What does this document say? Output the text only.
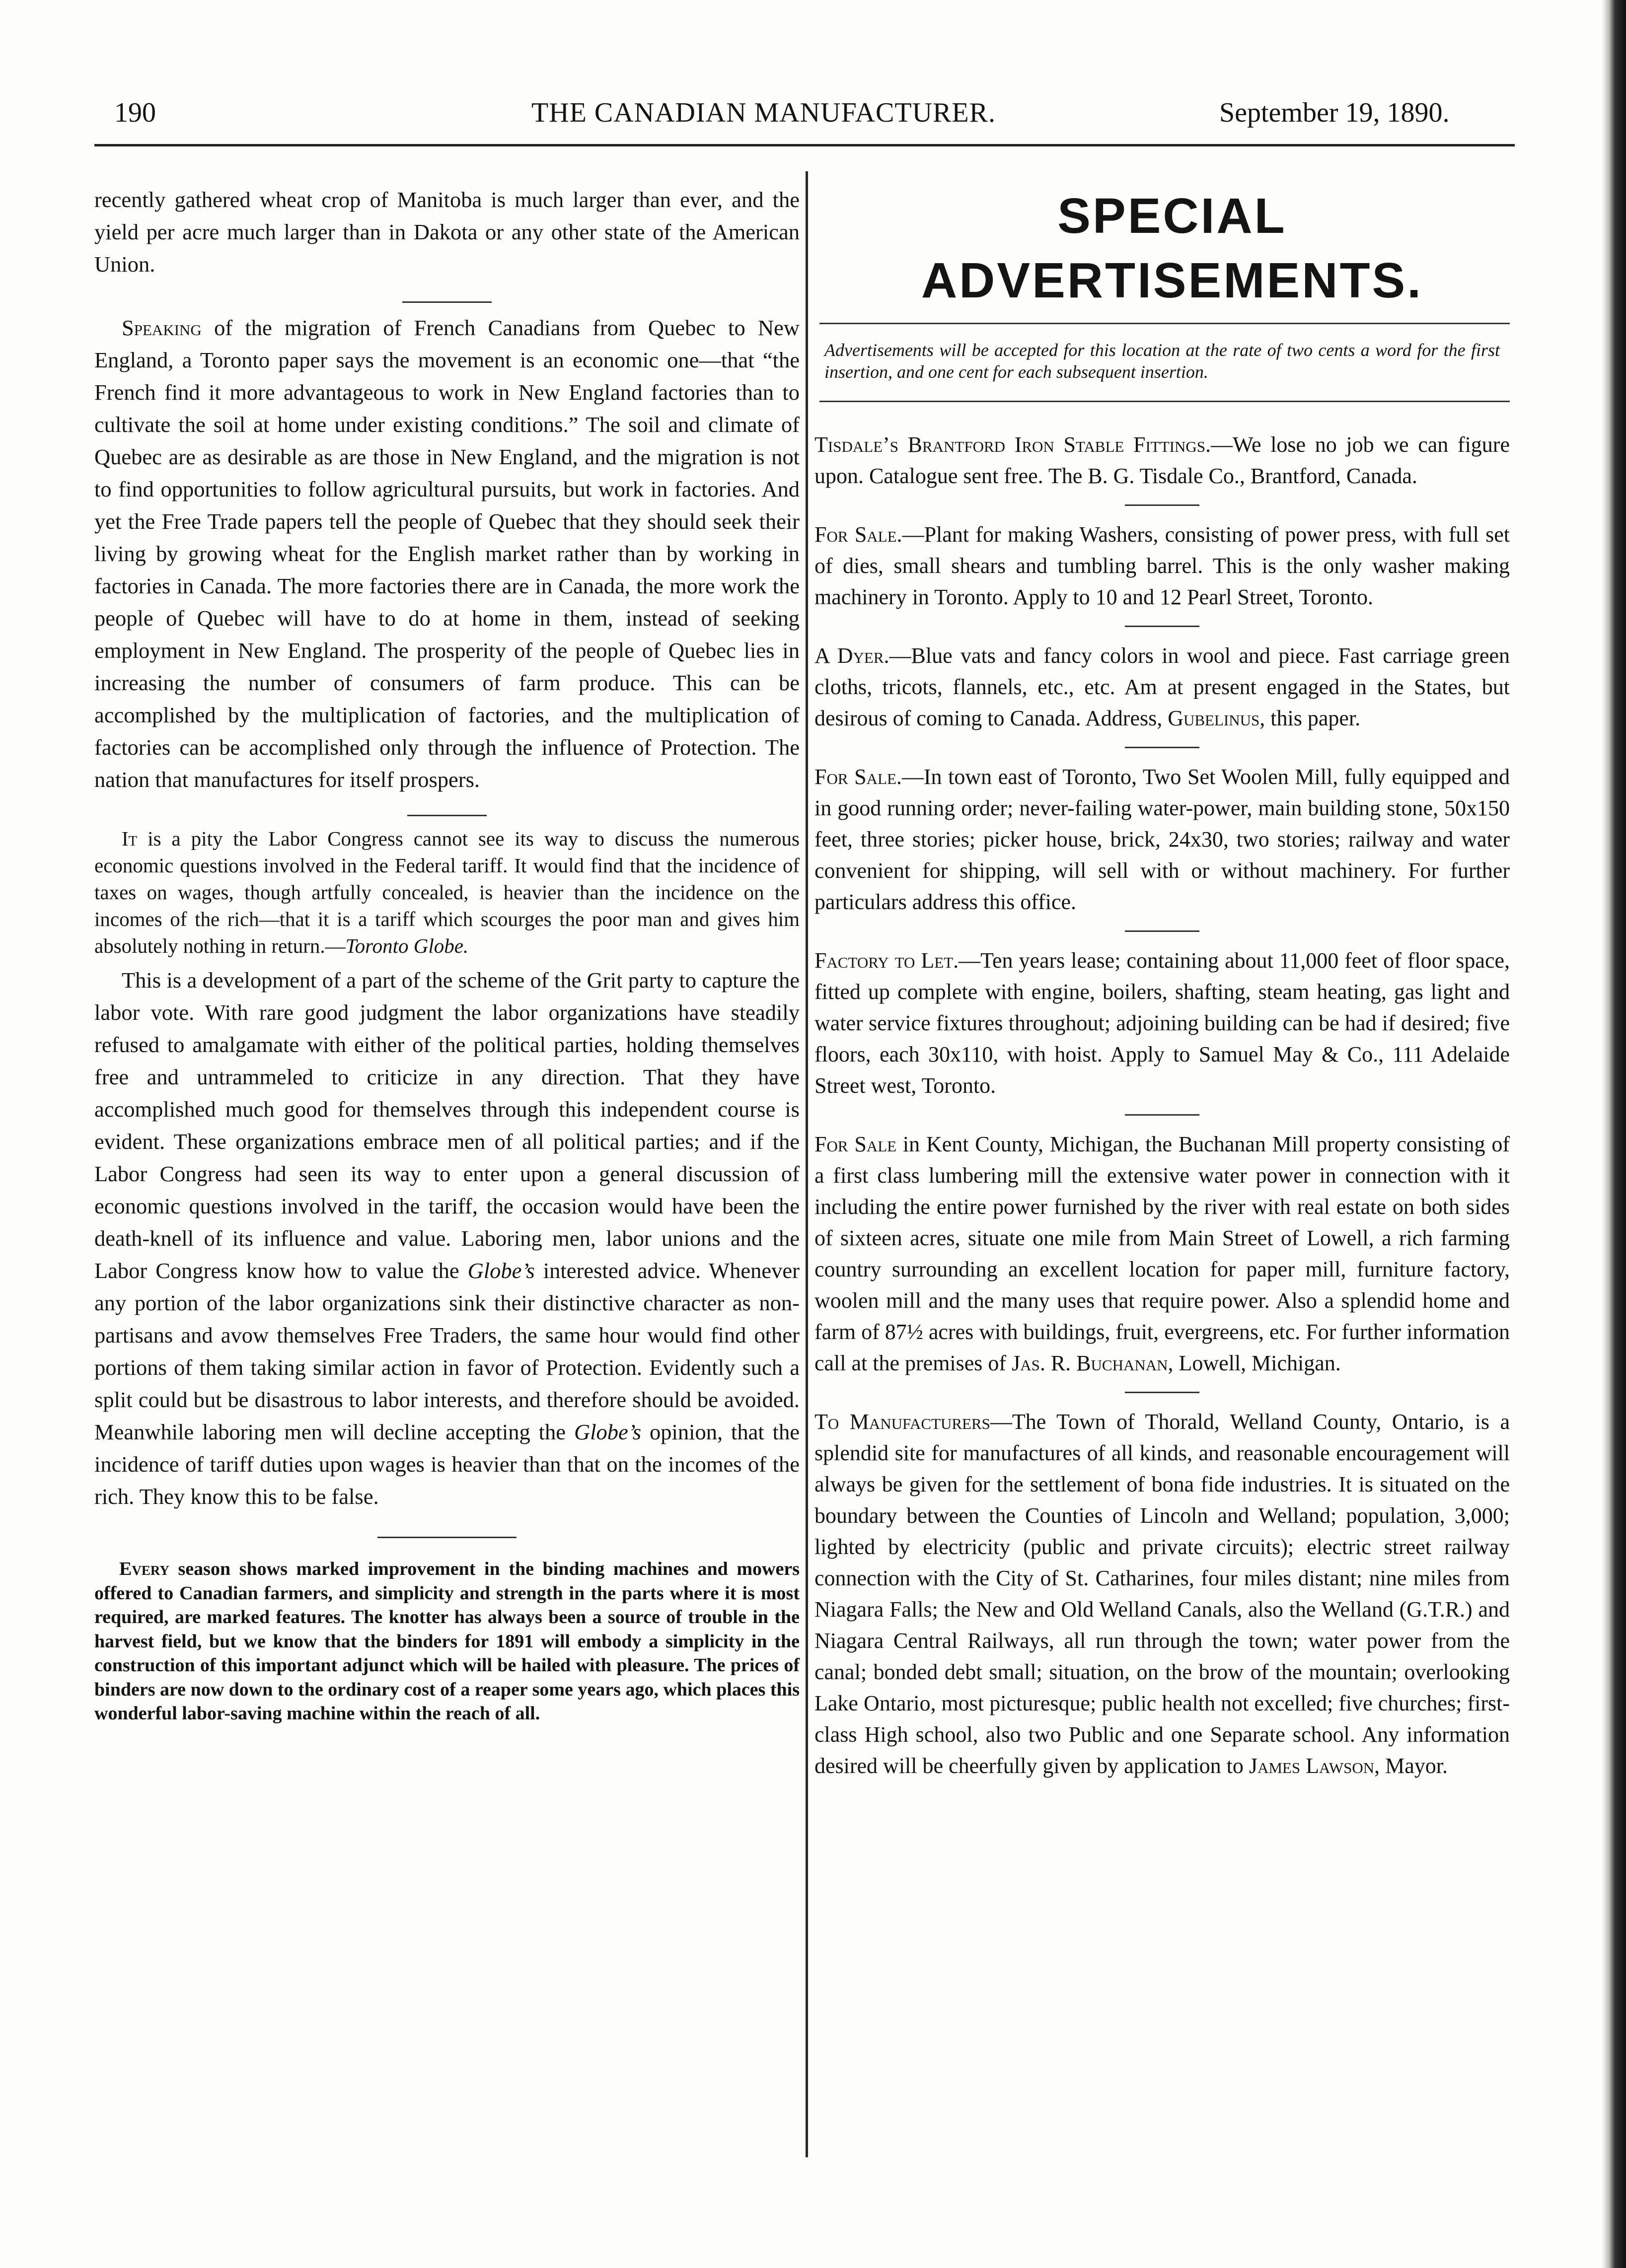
190	THE CANADIAN MANUFACTURER.	September 19, 1890.

recently gathered wheat crop of Manitoba is much larger than ever, and the yield per acre much larger than in Dakota or any other state of the American Union.

Speaking of the migration of French Canadians from Quebec to New England, a Toronto paper says the movement is an economic one—that “the French find it more advantageous to work in New England factories than to cultivate the soil at home under existing conditions.” The soil and climate of Quebec are as desirable as are those in New England, and the migration is not to find opportunities to follow agricultural pursuits, but work in factories. And yet the Free Trade papers tell the people of Quebec that they should seek their living by growing wheat for the English market rather than by working in factories in Canada. The more factories there are in Canada, the more work the people of Quebec will have to do at home in them, instead of seeking employment in New England. The prosperity of the people of Quebec lies in increasing the number of consumers of farm produce. This can be accomplished by the multiplication of factories, and the multiplication of factories can be accomplished only through the influence of Protection. The nation that manufactures for itself prospers.

It is a pity the Labor Congress cannot see its way to discuss the numerous economic questions involved in the Federal tariff. It would find that the incidence of taxes on wages, though artfully concealed, is heavier than the incidence on the incomes of the rich—that it is a tariff which scourges the poor man and gives him absolutely nothing in return.—Toronto Globe.

This is a development of a part of the scheme of the Grit party to capture the labor vote. With rare good judgment the labor organizations have steadily refused to amalgamate with either of the political parties, holding themselves free and untrammeled to criticize in any direction. That they have accomplished much good for themselves through this independent course is evident. These organizations embrace men of all political parties; and if the Labor Congress had seen its way to enter upon a general discussion of economic questions involved in the tariff, the occasion would have been the death-knell of its influence and value. Laboring men, labor unions and the Labor Congress know how to value the Globe’s interested advice. Whenever any portion of the labor organizations sink their distinctive character as non-partisans and avow themselves Free Traders, the same hour would find other portions of them taking similar action in favor of Protection. Evidently such a split could but be disastrous to labor interests, and therefore should be avoided. Meanwhile laboring men will decline accepting the Globe’s opinion, that the incidence of tariff duties upon wages is heavier than that on the incomes of the rich. They know this to be false.

Every season shows marked improvement in the binding machines and mowers offered to Canadian farmers, and simplicity and strength in the parts where it is most required, are marked features. The knotter has always been a source of trouble in the harvest field, but we know that the binders for 1891 will embody a simplicity in the construction of this important adjunct which will be hailed with pleasure. The prices of binders are now down to the ordinary cost of a reaper some years ago, which places this wonderful labor-saving machine within the reach of all.

SPECIAL ADVERTISEMENTS.

Advertisements will be accepted for this location at the rate of two cents a word for the first insertion, and one cent for each subsequent insertion.

Tisdale’s Brantford Iron Stable Fittings.—We lose no job we can figure upon. Catalogue sent free. The B. G. Tisdale Co., Brantford, Canada.

For Sale.—Plant for making Washers, consisting of power press, with full set of dies, small shears and tumbling barrel. This is the only washer making machinery in Toronto. Apply to 10 and 12 Pearl Street, Toronto.

A Dyer.—Blue vats and fancy colors in wool and piece. Fast carriage green cloths, tricots, flannels, etc., etc. Am at present engaged in the States, but desirous of coming to Canada. Address, Gubelinus, this paper.

For Sale.—In town east of Toronto, Two Set Woolen Mill, fully equipped and in good running order; never-failing water-power, main building stone, 50x150 feet, three stories; picker house, brick, 24x30, two stories; railway and water convenient for shipping, will sell with or without machinery. For further particulars address this office.

Factory to Let.—Ten years lease; containing about 11,000 feet of floor space, fitted up complete with engine, boilers, shafting, steam heating, gas light and water service fixtures throughout; adjoining building can be had if desired; five floors, each 30x110, with hoist. Apply to Samuel May & Co., 111 Adelaide Street west, Toronto.

For Sale in Kent County, Michigan, the Buchanan Mill property consisting of a first class lumbering mill the extensive water power in connection with it including the entire power furnished by the river with real estate on both sides of sixteen acres, situate one mile from Main Street of Lowell, a rich farming country surrounding an excellent location for paper mill, furniture factory, woolen mill and the many uses that require power. Also a splendid home and farm of 87½ acres with buildings, fruit, evergreens, etc. For further information call at the premises of Jas. R. Buchanan, Lowell, Michigan.

To Manufacturers—The Town of Thorald, Welland County, Ontario, is a splendid site for manufactures of all kinds, and reasonable encouragement will always be given for the settlement of bona fide industries. It is situated on the boundary between the Counties of Lincoln and Welland; population, 3,000; lighted by electricity (public and private circuits); electric street railway connection with the City of St. Catharines, four miles distant; nine miles from Niagara Falls; the New and Old Welland Canals, also the Welland (G.T.R.) and Niagara Central Railways, all run through the town; water power from the canal; bonded debt small; situation, on the brow of the mountain; overlooking Lake Ontario, most picturesque; public health not excelled; five churches; first-class High school, also two Public and one Separate school. Any information desired will be cheerfully given by application to James Lawson, Mayor.
